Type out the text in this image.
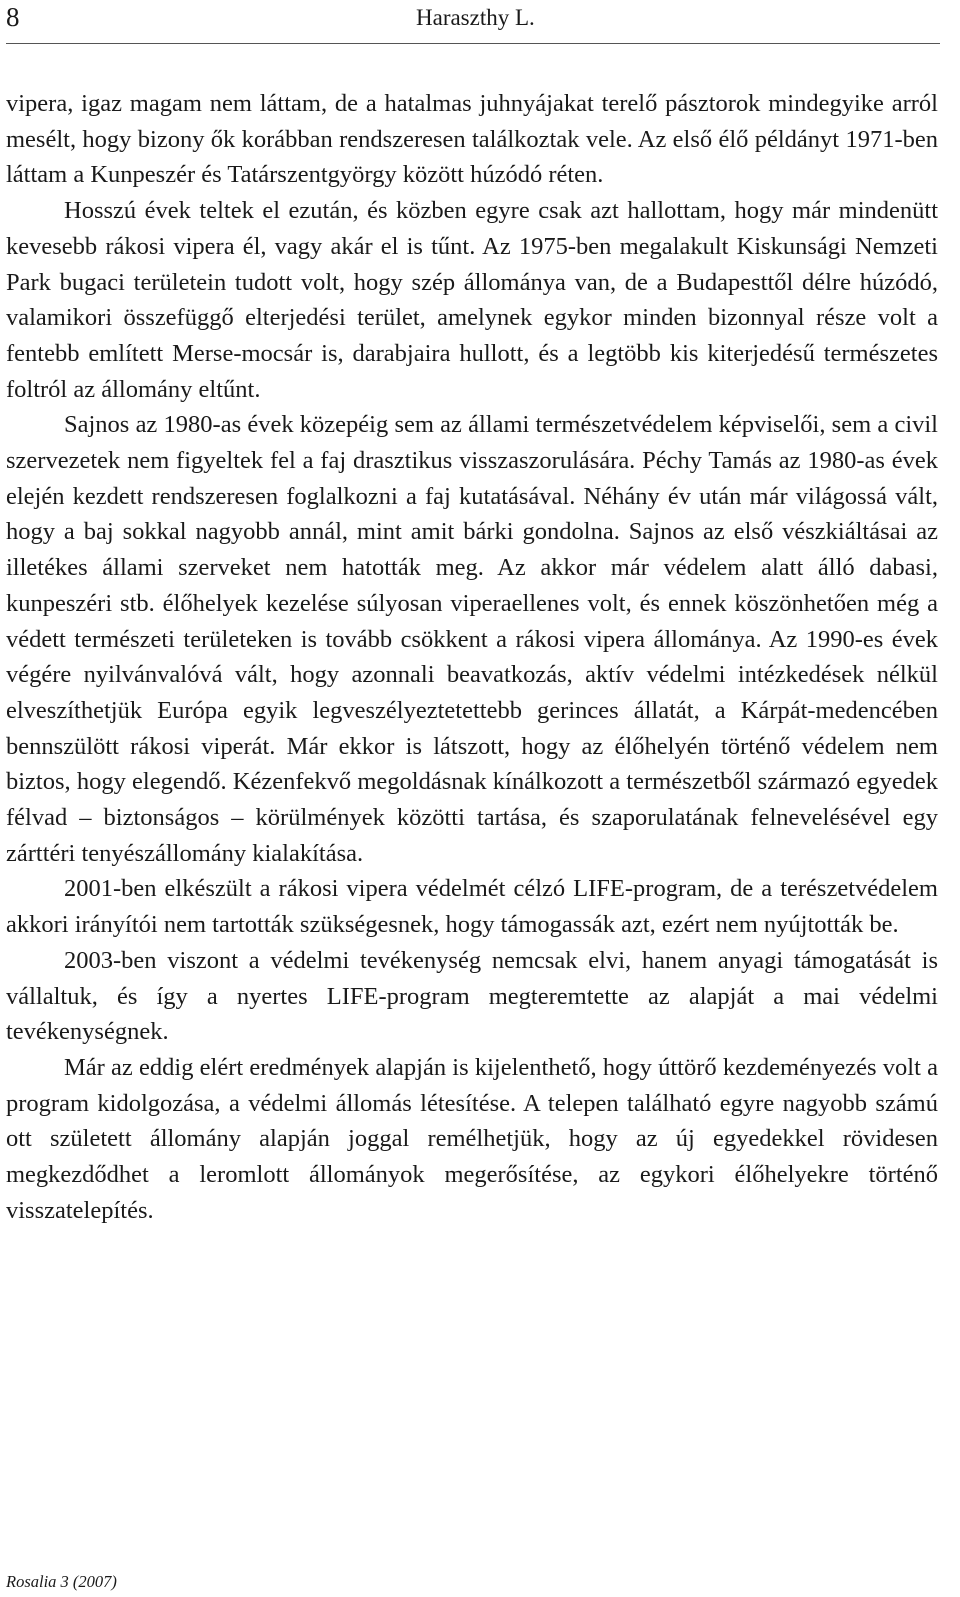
8	Haraszthy L.

vipera, igaz magam nem láttam, de a hatalmas juhnyájakat terelő pásztorok mindegyike arról mesélt, hogy bizony ők korábban rendszeresen találkoztak vele. Az első élő példányt 1971-ben láttam a Kunpeszér és Tatárszentgyörgy között húzódó réten.

Hosszú évek teltek el ezután, és közben egyre csak azt hallottam, hogy már mindenütt kevesebb rákosi vipera él, vagy akár el is tűnt. Az 1975-ben megalakult Kiskunsági Nemzeti Park bugaci területein tudott volt, hogy szép állománya van, de a Budapesttől délre húzódó, valamikori összefüggő elterjedési terület, amelynek egykor minden bizonnyal része volt a fentebb említett Merse-mocsár is, darabjaira hullott, és a legtöbb kis kiterjedésű természetes foltról az állomány eltűnt.

Sajnos az 1980-as évek közepéig sem az állami természetvédelem képviselői, sem a civil szervezetek nem figyeltek fel a faj drasztikus visszaszorulására. Péchy Tamás az 1980-as évek elején kezdett rendszeresen foglalkozni a faj kutatásával. Néhány év után már világossá vált, hogy a baj sokkal nagyobb annál, mint amit bárki gondolna. Sajnos az első vészkiáltásai az illetékes állami szerveket nem hatották meg. Az akkor már védelem alatt álló dabasi, kunpeszéri stb. élőhelyek kezelése súlyosan viperaellenes volt, és ennek köszönhetően még a védett természeti területeken is tovább csökkent a rákosi vipera állománya. Az 1990-es évek végére nyilvánvalóvá vált, hogy azonnali beavatkozás, aktív védelmi intézkedések nélkül elveszíthetjük Európa egyik legveszélyeztetettebb gerinces állatát, a Kárpát-medencében bennszülött rákosi viperát. Már ekkor is látszott, hogy az élőhelyén történő védelem nem biztos, hogy elegendő. Kézenfekvő megoldásnak kínálkozott a természetből származó egyedek félvad – biztonságos – körülmények közötti tartása, és szaporulatának felnevelésével egy zárttéri tenyészállomány kialakítása.

2001-ben elkészült a rákosi vipera védelmét célzó LIFE-program, de a terészetvédelem akkori irányítói nem tartották szükségesnek, hogy támogassák azt, ezért nem nyújtották be.

2003-ben viszont a védelmi tevékenység nemcsak elvi, hanem anyagi támogatását is vállaltuk, és így a nyertes LIFE-program megteremtette az alapját a mai védelmi tevékenységnek.

Már az eddig elért eredmények alapján is kijelenthető, hogy úttörő kezdeményezés volt a program kidolgozása, a védelmi állomás létesítése. A telepen található egyre nagyobb számú ott született állomány alapján joggal remélhetjük, hogy az új egyedekkel rövidesen megkezdődhet a leromlott állományok megerősítése, az egykori élőhelyekre történő visszatelepítés.

Rosalia 3 (2007)
